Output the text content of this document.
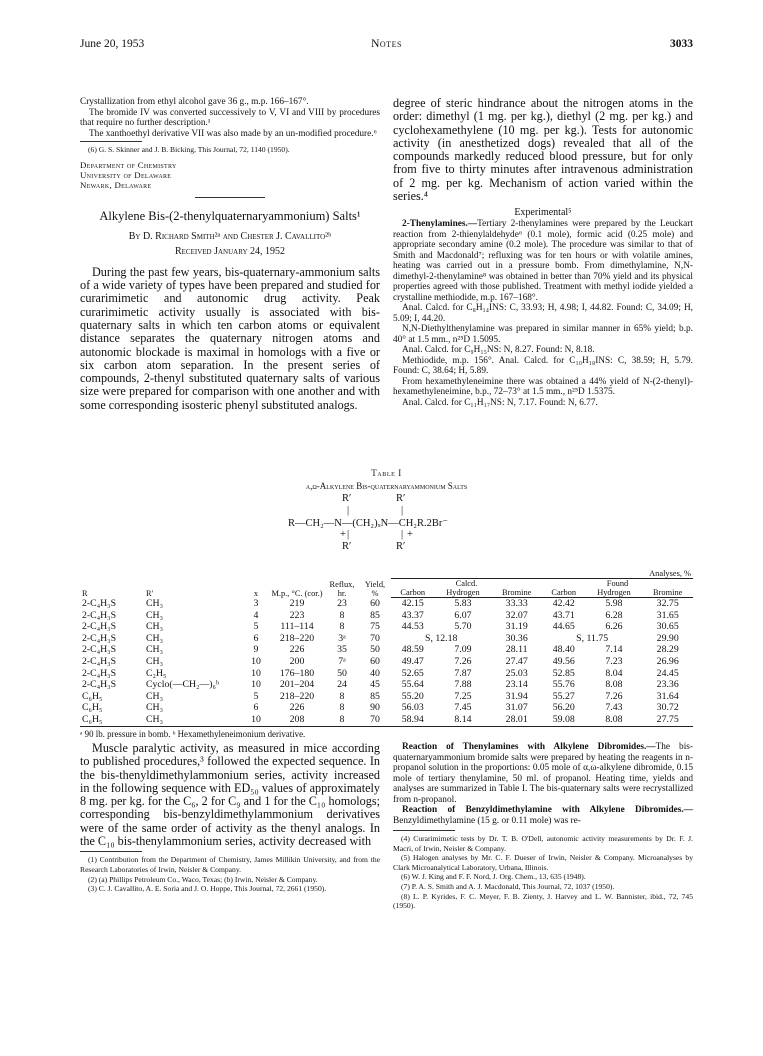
June 20, 1953	Notes	3033

Crystallization from ethyl alcohol gave 36 g., m.p. 166–167°.

The bromide IV was converted successively to V, VI and VIII by procedures that require no further description.¹

The xanthoethyl derivative VII was also made by an un-modified procedure.⁶

(6) G. S. Skinner and J. B. Bicking, This Journal, 72, 1140 (1950).

Department of Chemistry
University of Delaware
Newark, Delaware
Alkylene Bis-(2-thenylquaternaryammonium) Salts¹
By D. Richard Smith²ᵃ and Chester J. Cavallito²ᵇ
Received January 24, 1952

During the past few years, bis-quaternary-ammonium salts of a wide variety of types have been prepared and studied for curarimimetic and autonomic drug activity. Peak curarimimetic activity usually is associated with bis-quaternary salts in which ten carbon atoms or equivalent distance separates the quaternary nitrogen atoms and autonomic blockade is maximal in homologs with a five or six carbon atom separation. In the present series of compounds, 2-thenyl substituted quaternary salts of various size were prepared for comparison with one another and with some corresponding isosteric phenyl substituted analogs.

degree of steric hindrance about the nitrogen atoms in the order: dimethyl (1 mg. per kg.), diethyl (2 mg. per kg.) and cyclohexamethylene (10 mg. per kg.). Tests for autonomic activity (in anesthetized dogs) revealed that all of the compounds markedly reduced blood pressure, but for only from five to thirty minutes after intravenous administration of 2 mg. per kg. Mechanism of action varied within the series.⁴

Experimental⁵

2-Thenylamines.—Tertiary 2-thenylamines were prepared by the Leuckart reaction from 2-thienylaldehyde⁶ (0.1 mole), formic acid (0.25 mole) and appropriate secondary amine (0.2 mole). The procedure was similar to that of Smith and Macdonald⁷; refluxing was for ten hours or with volatile amines, heating was carried out in a pressure bomb. From dimethylamine, N,N-dimethyl-2-thenylamine⁸ was obtained in better than 70% yield and its physical properties agreed with those published. Treatment with methyl iodide yielded a crystalline methiodide, m.p. 167–168°.

Anal. Calcd. for C₈H₁₄INS: C, 33.93; H, 4.98; I, 44.82. Found: C, 34.09; H, 5.09; I, 44.20.

N,N-Diethylthenylamine was prepared in similar manner in 65% yield; b.p. 40° at 1.5 mm., n²⁵D 1.5095.

Anal. Calcd. for C₉H₁₅NS: N, 8.27. Found: N, 8.18.

Methiodide, m.p. 156°. Anal. Calcd. for C₁₀H₁₈INS: C, 38.59; H, 5.79. Found: C, 38.64; H, 5.89.

From hexamethyleneimine there was obtained a 44% yield of N-(2-thenyl)-hexamethyleneimine, b.p., 72–73° at 1.5 mm., n²⁵D 1.5375.

Anal. Calcd. for C₁₁H₁₇NS: N, 7.17. Found: N, 6.77.

Table I
α,ω-Alkylene Bis-quaternaryammonium Salts
R′	R′
|	|
R—CH₂—N—(CH₂)ₓN—CH₂R.2Br⁻
+ |	| +
R′	R′
R	R′	x	M.p., °C. (cor.)	Reflux, hr.	Yield, %	Analyses, %					
						Calcd.			Found		
						Carbon	Hydrogen	Bromine	Carbon	Hydrogen	Bromine
2-C₄H₃S	CH₃	3	219	23	60	42.15	5.83	33.33	42.42	5.98	32.75
2-C₄H₃S	CH₃	4	223	8	85	43.37	6.07	32.07	43.71	6.28	31.65
2-C₄H₃S	CH₃	5	111–114	8	75	44.53	5.70	31.19	44.65	6.26	30.65
2-C₄H₃S	CH₃	6	218–220	3ᵃ	70	S, 12.18		30.36	S, 11.75		29.90
2-C₄H₃S	CH₃	9	226	35	50	48.59	7.09	28.11	48.40	7.14	28.29
2-C₄H₃S	CH₃	10	200	7ᵃ	60	49.47	7.26	27.47	49.56	7.23	26.96
2-C₄H₃S	C₂H₅	10	176–180	50	40	52.65	7.87	25.03	52.85	8.04	24.45
2-C₄H₃S	Cyclo(—CH₂—)₆ᵇ	10	201–204	24	45	55.64	7.88	23.14	55.76	8.08	23.36
C₆H₅	CH₃	5	218–220	8	85	55.20	7.25	31.94	55.27	7.26	31.64
C₆H₅	CH₃	6	226	8	90	56.03	7.45	31.07	56.20	7.43	30.72
C₆H₅	CH₃	10	208	8	70	58.94	8.14	28.01	59.08	8.08	27.75
ᵃ 90 lb. pressure in bomb. ᵇ Hexamethyleneimonium derivative.

Muscle paralytic activity, as measured in mice according to published procedures,³ followed the expected sequence. In the bis-thenyldimethylammonium series, activity increased in the following sequence with ED₅₀ values of approximately 8 mg. per kg. for the C₆, 2 for C₉ and 1 for the C₁₀ homologs; corresponding bis-benzyldimethylammonium derivatives were of the same order of activity as the thenyl analogs. In the C₁₀ bis-thenylammonium series, activity decreased with

(1) Contribution from the Department of Chemistry, James Millikin University, and from the Research Laboratories of Irwin, Neisler & Company.

(2) (a) Phillips Petroleum Co., Waco, Texas; (b) Irwin, Neisler & Company.

(3) C. J. Cavallito, A. E. Soria and J. O. Hoppe, This Journal, 72, 2661 (1950).

Reaction of Thenylamines with Alkylene Dibromides.—The bis-quaternaryammonium bromide salts were prepared by heating the reagents in n-propanol solution in the proportions: 0.05 mole of α,ω-alkylene dibromide, 0.15 mole of tertiary thenylamine, 50 ml. of propanol. Heating time, yields and analyses are summarized in Table I. The bis-quaternary salts were recrystallized from n-propanol.

Reaction of Benzyldimethylamine with Alkylene Dibromides.—Benzyldimethylamine (15 g. or 0.11 mole) was re-

(4) Curarimimetic tests by Dr. T. B. O'Dell, autonomic activity measurements by Dr. F. J. Macri, of Irwin, Neisler & Company.

(5) Halogen analyses by Mr. C. F. Dueser of Irwin, Neisler & Company. Microanalyses by Clark Microanalytical Laboratory, Urbana, Illinois.

(6) W. J. King and F. F. Nord, J. Org. Chem., 13, 635 (1948).

(7) P. A. S. Smith and A. J. Macdonald, This Journal, 72, 1037 (1950).

(8) L. P. Kyrides, F. C. Meyer, F. B. Zienty, J. Harvey and L. W. Bannister, ibid., 72, 745 (1950).
